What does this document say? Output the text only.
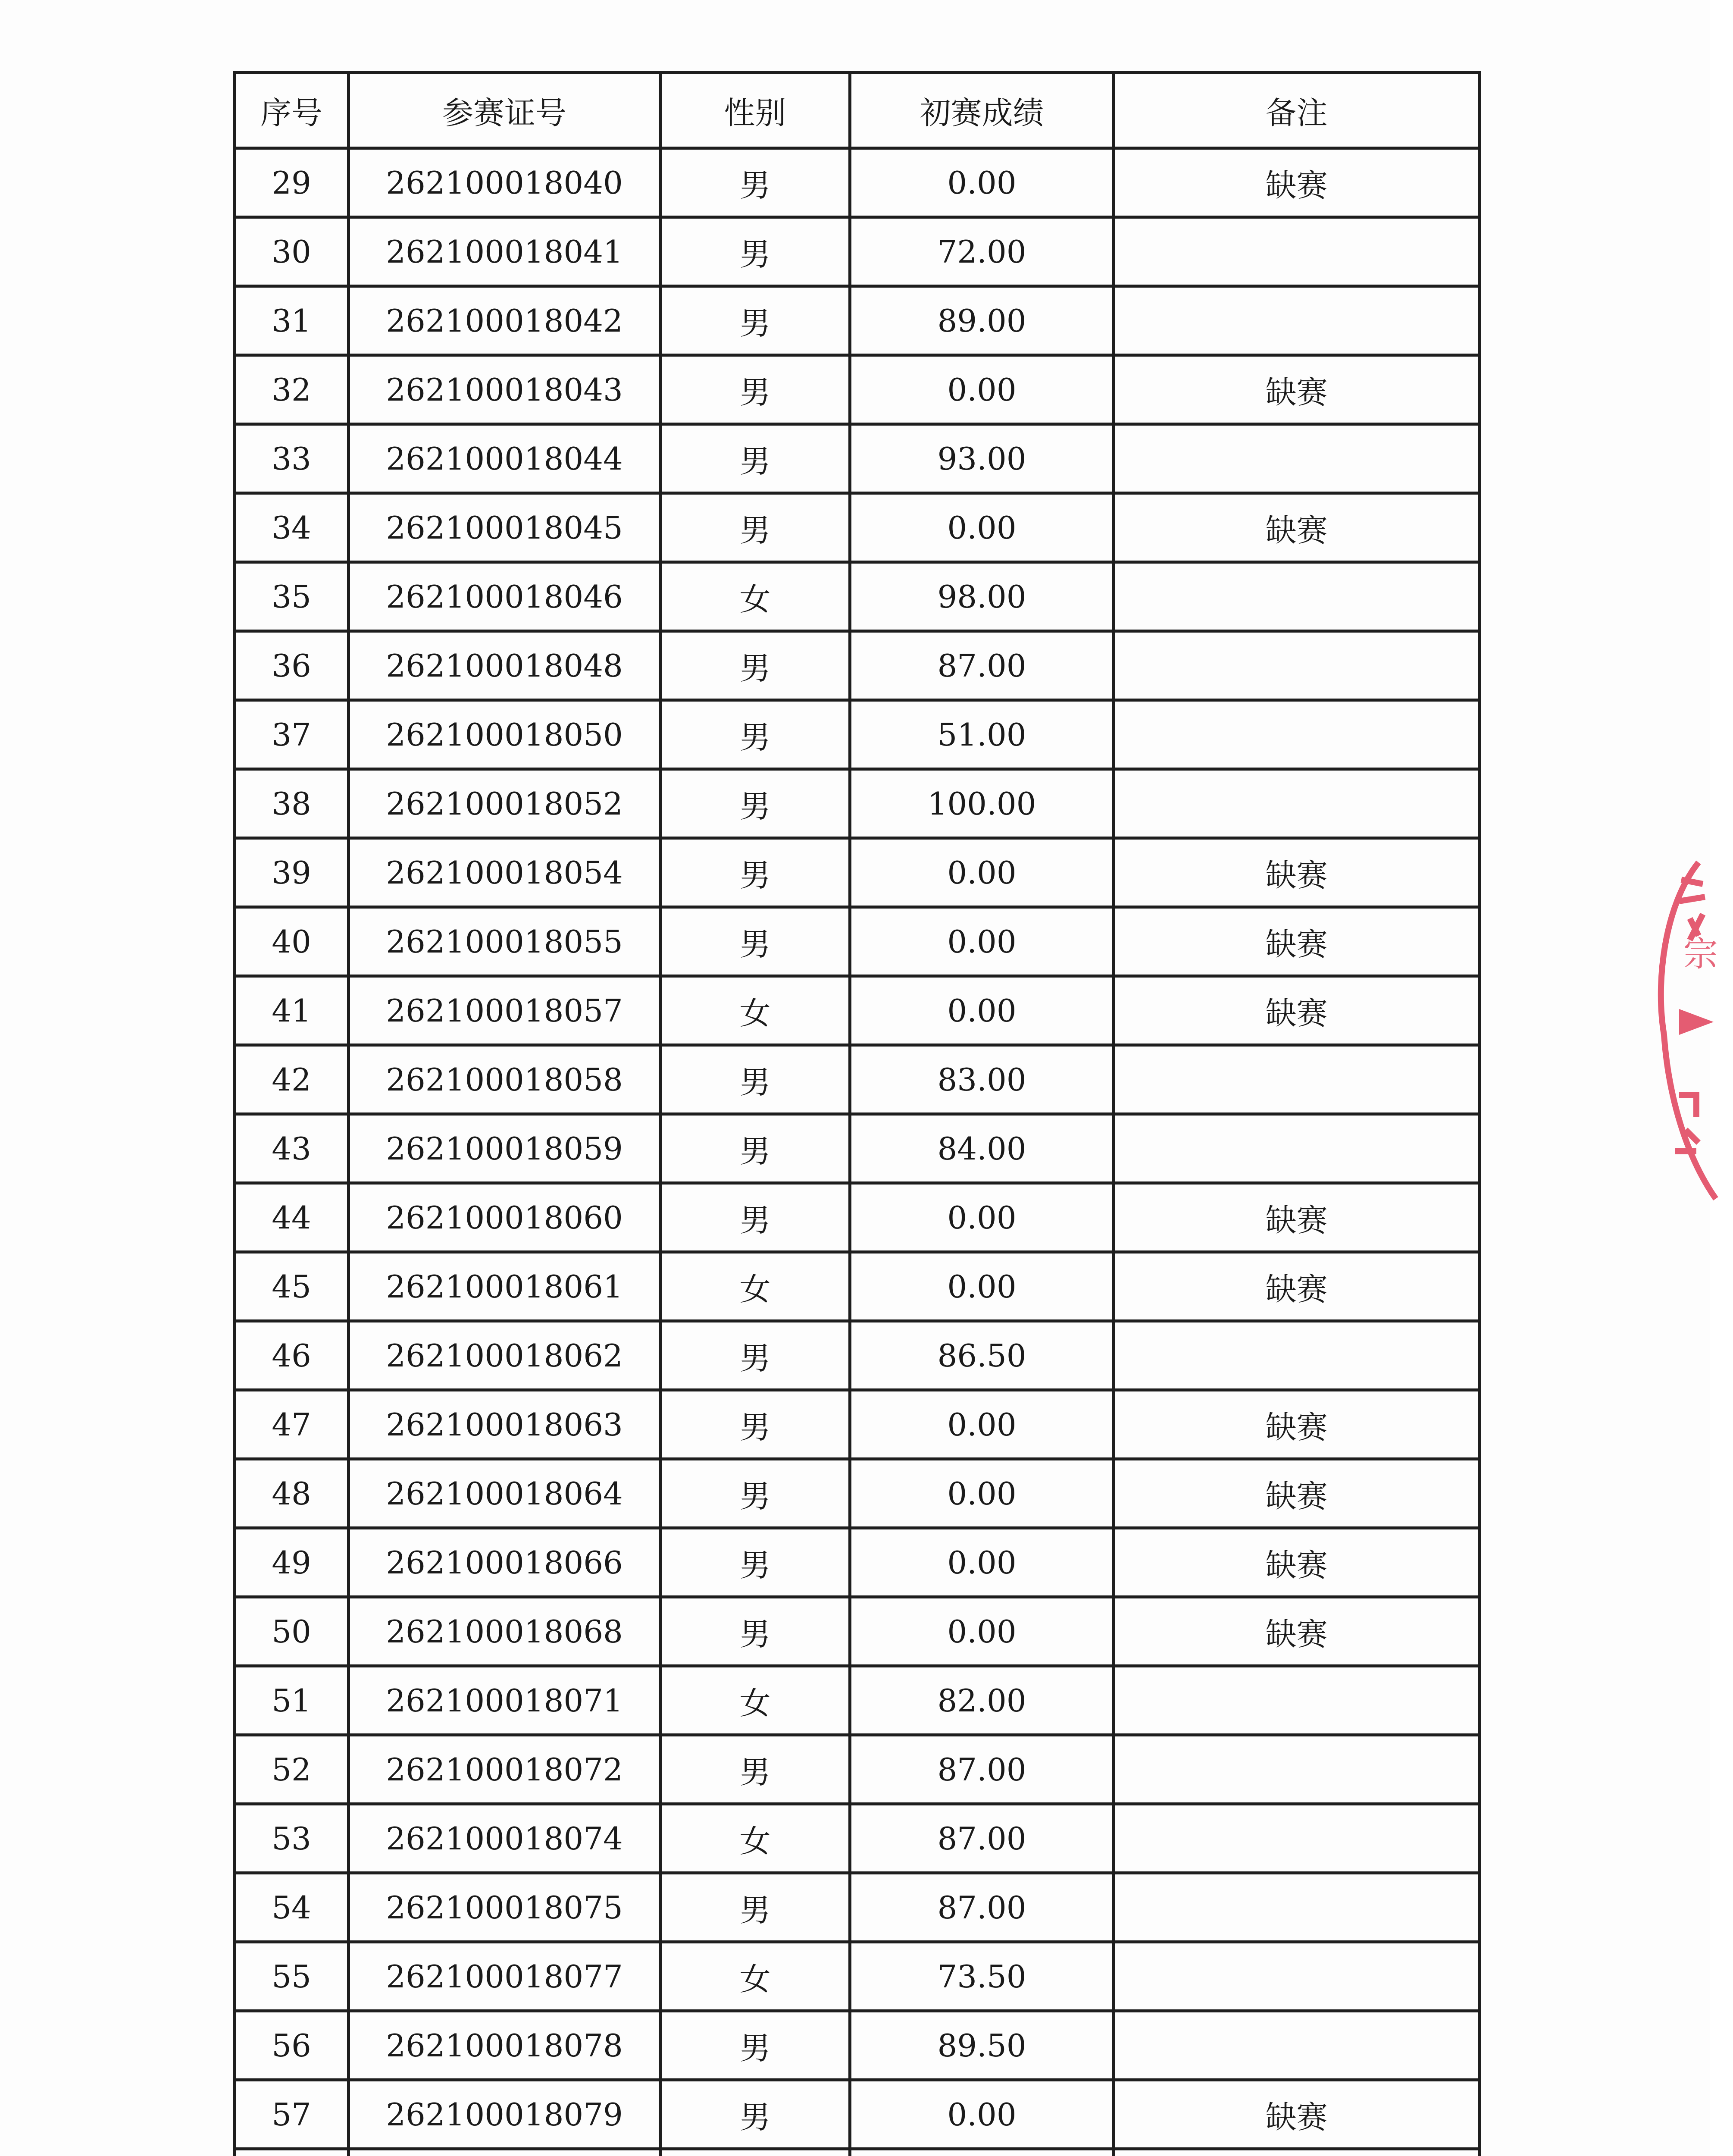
序号	参赛证号	性别	初赛成绩	备注
29	262100018040	男	0.00	缺赛
30	262100018041	男	72.00	
31	262100018042	男	89.00	
32	262100018043	男	0.00	缺赛
33	262100018044	男	93.00	
34	262100018045	男	0.00	缺赛
35	262100018046	女	98.00	
36	262100018048	男	87.00	
37	262100018050	男	51.00	
38	262100018052	男	100.00	
39	262100018054	男	0.00	缺赛
40	262100018055	男	0.00	缺赛
41	262100018057	女	0.00	缺赛
42	262100018058	男	83.00	
43	262100018059	男	84.00	
44	262100018060	男	0.00	缺赛
45	262100018061	女	0.00	缺赛
46	262100018062	男	86.50	
47	262100018063	男	0.00	缺赛
48	262100018064	男	0.00	缺赛
49	262100018066	男	0.00	缺赛
50	262100018068	男	0.00	缺赛
51	262100018071	女	82.00	
52	262100018072	男	87.00	
53	262100018074	女	87.00	
54	262100018075	男	87.00	
55	262100018077	女	73.50	
56	262100018078	男	89.50	
57	262100018079	男	0.00	缺赛

宗
